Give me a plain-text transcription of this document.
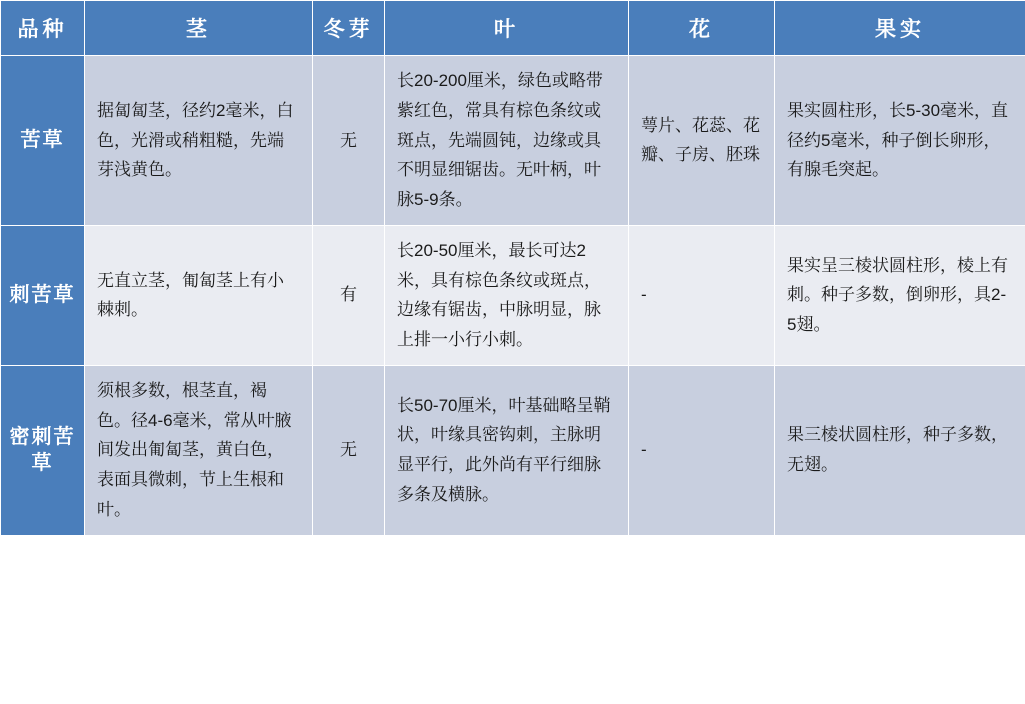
品种	茎	冬芽	叶	花	果实

苦草	据匐匐茎，径约2毫米，白色，光滑或稍粗糙，先端芽浅黄色。	无	长20-200厘米，绿色或略带紫红色，常具有棕色条纹或斑点，先端圆钝，边缘或具不明显细锯齿。无叶柄，叶脉5-9条。	萼片、花蕊、花瓣、子房、胚珠	果实圆柱形，长5-30毫米，直径约5毫米，种子倒长卵形，有腺毛突起。

刺苦草	无直立茎，匍匐茎上有小棘刺。	有	长20-50厘米，最长可达2米，具有棕色条纹或斑点，边缘有锯齿，中脉明显，脉上排一小行小刺。	-	果实呈三棱状圆柱形，棱上有刺。种子多数，倒卵形，具2-5翅。

密刺苦草	须根多数，根茎直，褐色。径4-6毫米，常从叶腋间发出匍匐茎，黄白色，表面具微刺，节上生根和叶。	无	长50-70厘米，叶基础略呈鞘状，叶缘具密钩刺，主脉明显平行，此外尚有平行细脉多条及横脉。	-	果三棱状圆柱形，种子多数，无翅。
